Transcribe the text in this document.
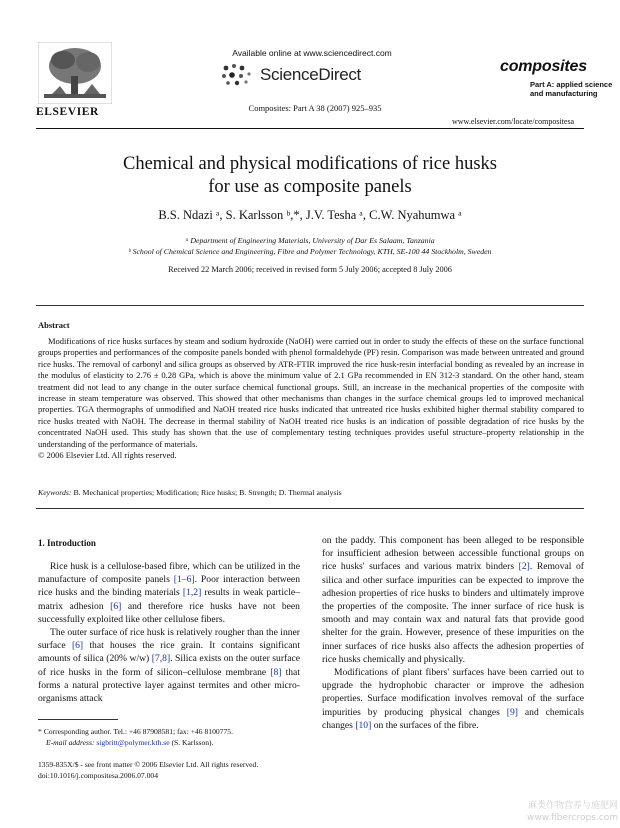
ELSEVIER
Available online at www.sciencedirect.com
ScienceDirect
Composites: Part A 38 (2007) 925–935
composites
Part A: applied science
and manufacturing
www.elsevier.com/locate/compositesa
Chemical and physical modifications of rice husks
for use as composite panels
B.S. Ndazi ᵃ, S. Karlsson ᵇ,*, J.V. Tesha ᵃ, C.W. Nyahumwa ᵃ
ᵃ Department of Engineering Materials, University of Dar Es Salaam, Tanzania
ᵇ School of Chemical Science and Engineering, Fibre and Polymer Technology, KTH, SE-100 44 Stockholm, Sweden
Received 22 March 2006; received in revised form 5 July 2006; accepted 8 July 2006
Abstract

Modifications of rice husks surfaces by steam and sodium hydroxide (NaOH) were carried out in order to study the effects of these on the surface functional groups properties and performances of the composite panels bonded with phenol formaldehyde (PF) resin. Comparison was made between untreated and ground rice husks. The removal of carbonyl and silica groups as observed by ATR-FTIR improved the rice husk-resin interfacial bonding as revealed by an increase in the modulus of elasticity to 2.76 ± 0.28 GPa, which is above the minimum value of 2.1 GPa recommended in EN 312-3 standard. On the other hand, steam treatment did not lead to any change in the outer surface chemical functional groups. Still, an increase in the mechanical properties of the composite with increase in steam temperature was observed. This showed that other mechanisms than changes in the surface chemical groups led to improved mechanical properties. TGA thermographs of unmodified and NaOH treated rice husks indicated that untreated rice husks exhibited higher thermal stability compared to rice husks treated with NaOH. The decrease in thermal stability of NaOH treated rice husks is an indication of possible degradation of rice husks by the concentrated NaOH used. This study has shown that the use of complementary testing techniques provides useful structure–property relationship in the understanding of the performance of materials.
© 2006 Elsevier Ltd. All rights reserved.

Keywords: B. Mechanical properties; Modification; Rice husks; B. Strength; D. Thermal analysis
1. Introduction

Rice husk is a cellulose-based fibre, which can be utilized in the manufacture of composite panels [1–6]. Poor interaction between rice husks and the binding materials [1,2] results in weak particle–matrix adhesion [6] and therefore rice husks have not been successfully exploited like other cellulose fibers.

The outer surface of rice husk is relatively rougher than the inner surface [6] that houses the rice grain. It contains significant amounts of silica (20% w/w) [7,8]. Silica exists on the outer surface of rice husks in the form of silicon–cellulose membrane [8] that forms a natural protective layer against termites and other micro-organisms attack

on the paddy. This component has been alleged to be responsible for insufficient adhesion between accessible functional groups on rice husks' surfaces and various matrix binders [2]. Removal of silica and other surface impurities can be expected to improve the adhesion properties of rice husks to binders and ultimately improve the properties of the composite. The inner surface of rice husk is smooth and may contain wax and natural fats that provide good shelter for the grain. However, presence of these impurities on the inner surfaces of rice husks also affects the adhesion properties of rice husks chemically and physically.

Modifications of plant fibers' surfaces have been carried out to upgrade the hydrophobic character or improve the adhesion properties. Surface modification involves removal of the surface impurities by producing physical changes [9] and chemicals changes [10] on the surfaces of the fibre.

* Corresponding author. Tel.: +46 87908581; fax: +46 8100775.
E-mail address: sigbritt@polymer.kth.se (S. Karlsson).
1359-835X/$ - see front matter © 2006 Elsevier Ltd. All rights reserved.
doi:10.1016/j.compositesa.2006.07.004
麻类作物营养与施肥网
www.fibercrops.com
